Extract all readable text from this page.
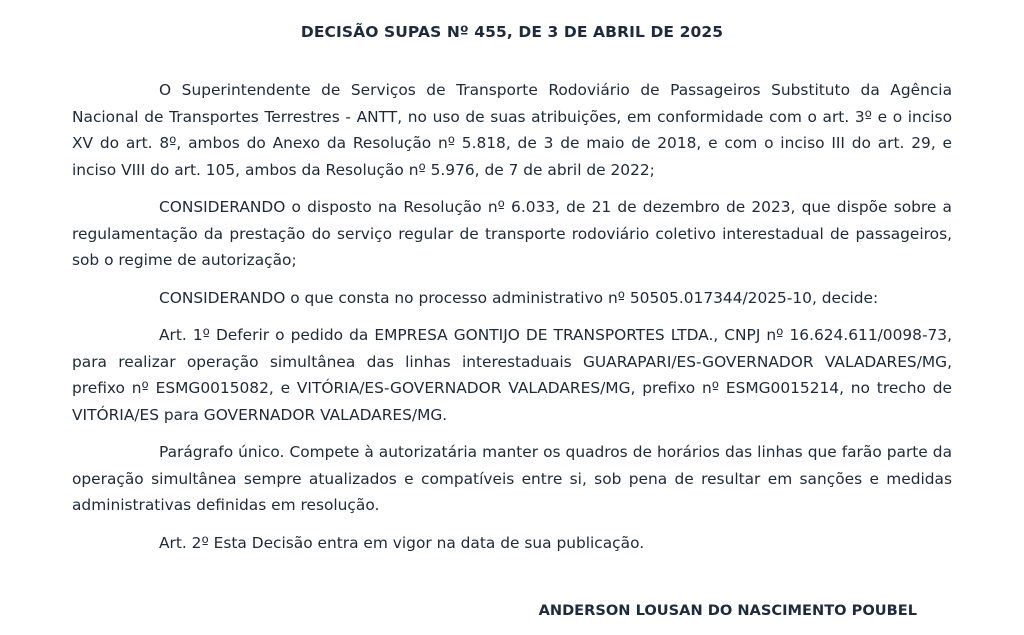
DECISÃO SUPAS Nº 455, DE 3 DE ABRIL DE 2025

O Superintendente de Serviços de Transporte Rodoviário de Passageiros Substituto da Agência Nacional de Transportes Terrestres - ANTT, no uso de suas atribuições, em conformidade com o art. 3º e o inciso XV do art. 8º, ambos do Anexo da Resolução nº 5.818, de 3 de maio de 2018, e com o inciso III do art. 29, e inciso VIII do art. 105, ambos da Resolução nº 5.976, de 7 de abril de 2022;

CONSIDERANDO o disposto na Resolução nº 6.033, de 21 de dezembro de 2023, que dispõe sobre a regulamentação da prestação do serviço regular de transporte rodoviário coletivo interestadual de passageiros, sob o regime de autorização;

CONSIDERANDO o que consta no processo administrativo nº 50505.017344/2025-10, decide:

Art. 1º Deferir o pedido da EMPRESA GONTIJO DE TRANSPORTES LTDA., CNPJ nº 16.624.611/0098-73, para realizar operação simultânea das linhas interestaduais GUARAPARI/ES-GOVERNADOR VALADARES/MG, prefixo nº ESMG0015082, e VITÓRIA/ES-GOVERNADOR VALADARES/MG, prefixo nº ESMG0015214, no trecho de VITÓRIA/ES para GOVERNADOR VALADARES/MG.

Parágrafo único. Compete à autorizatária manter os quadros de horários das linhas que farão parte da operação simultânea sempre atualizados e compatíveis entre si, sob pena de resultar em sanções e medidas administrativas definidas em resolução.

Art. 2º Esta Decisão entra em vigor na data de sua publicação.

ANDERSON LOUSAN DO NASCIMENTO POUBEL
